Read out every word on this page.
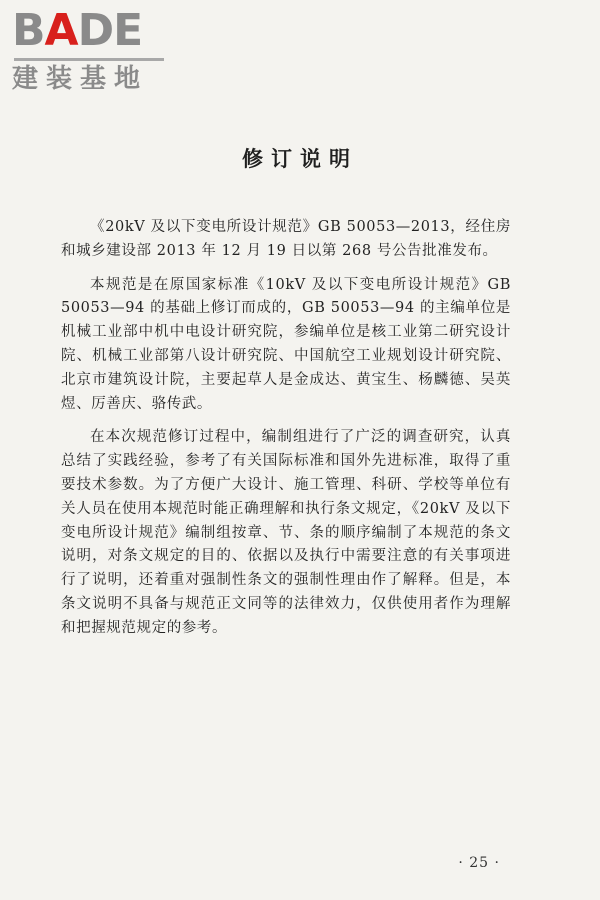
BADE
建装基地
修订说明

《20kV 及以下变电所设计规范》GB 50053—2013，经住房和城乡建设部 2013 年 12 月 19 日以第 268 号公告批准发布。

本规范是在原国家标准《10kV 及以下变电所设计规范》GB 50053—94 的基础上修订而成的，GB 50053—94 的主编单位是机械工业部中机中电设计研究院，参编单位是核工业第二研究设计院、机械工业部第八设计研究院、中国航空工业规划设计研究院、北京市建筑设计院，主要起草人是金成达、黄宝生、杨麟德、吴英煜、厉善庆、骆传武。

在本次规范修订过程中，编制组进行了广泛的调查研究，认真总结了实践经验，参考了有关国际标准和国外先进标准，取得了重要技术参数。为了方便广大设计、施工管理、科研、学校等单位有关人员在使用本规范时能正确理解和执行条文规定，《20kV 及以下变电所设计规范》编制组按章、节、条的顺序编制了本规范的条文说明，对条文规定的目的、依据以及执行中需要注意的有关事项进行了说明，还着重对强制性条文的强制性理由作了解释。但是，本条文说明不具备与规范正文同等的法律效力，仅供使用者作为理解和把握规范规定的参考。

· 25 ·
